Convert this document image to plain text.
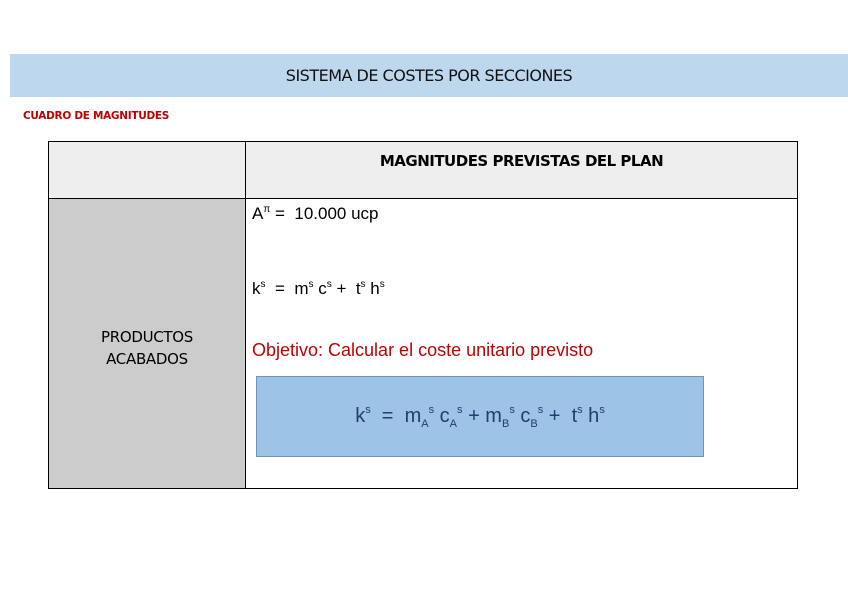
SISTEMA DE COSTES POR SECCIONES
CUADRO DE MAGNITUDES
MAGNITUDES PREVISTAS DEL PLAN
PRODUCTOS
ACABADOS
$A^\pi = 10.000$ ucp
$k^s = m^s$ $c^s + t^s$ $h^s$
Objetivo: Calcular el coste unitario previsto
$k^s = m_A^s$ $c_A^s + m_B^s$ $c_B^s + t^s$ $h^s$
